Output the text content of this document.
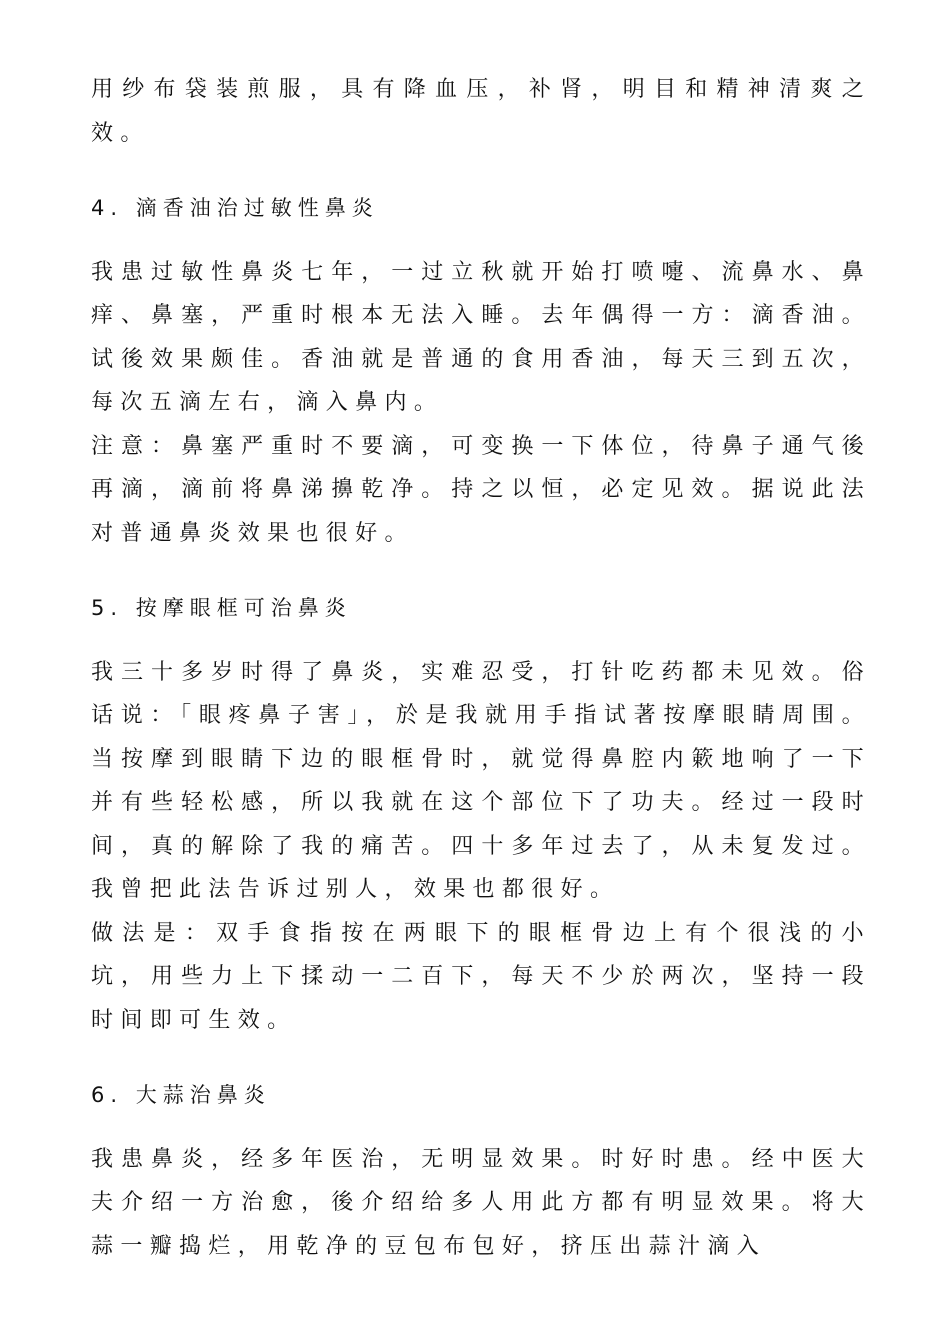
用纱布袋装煎服，具有降血压，补肾，明目和精神清爽之效。

4. 滴香油治过敏性鼻炎

我患过敏性鼻炎七年，一过立秋就开始打喷嚏、流鼻水、鼻痒、鼻塞，严重时根本无法入睡。去年偶得一方：滴香油。试後效果颇佳。香油就是普通的食用香油，每天三到五次，每次五滴左右，滴入鼻内。

注意：鼻塞严重时不要滴，可变换一下体位，待鼻子通气後再滴，滴前将鼻涕擤乾净。持之以恒，必定见效。据说此法对普通鼻炎效果也很好。

5. 按摩眼框可治鼻炎

我三十多岁时得了鼻炎，实难忍受，打针吃药都未见效。俗话说：「眼疼鼻子害」，於是我就用手指试著按摩眼睛周围。当按摩到眼睛下边的眼框骨时，就觉得鼻腔内簌地响了一下并有些轻松感，所以我就在这个部位下了功夫。经过一段时间，真的解除了我的痛苦。四十多年过去了，从未复发过。我曾把此法告诉过别人，效果也都很好。

做法是：双手食指按在两眼下的眼框骨边上有个很浅的小坑，用些力上下揉动一二百下，每天不少於两次，坚持一段时间即可生效。

6. 大蒜治鼻炎

我患鼻炎，经多年医治，无明显效果。时好时患。经中医大夫介绍一方治愈，後介绍给多人用此方都有明显效果。将大蒜一瓣捣烂，用乾净的豆包布包好，挤压出蒜汁滴入
